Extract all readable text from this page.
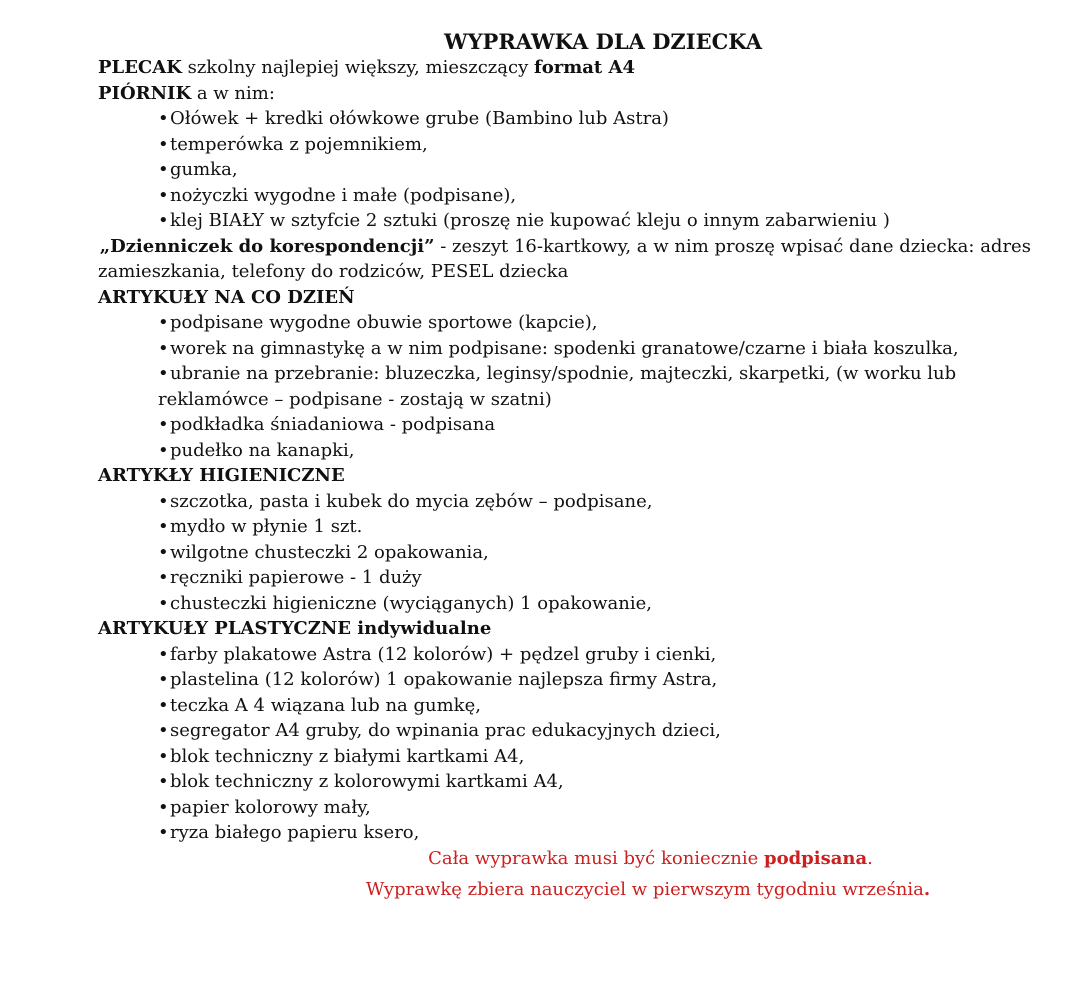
WYPRAWKA DLA DZIECKA
PLECAK szkolny najlepiej większy, mieszczący format A4
PIÓRNIK a w nim:
•Ołówek + kredki ołówkowe grube (Bambino lub Astra)
•temperówka z pojemnikiem,
•gumka,
•nożyczki wygodne i małe (podpisane),
•klej BIAŁY w sztyfcie 2 sztuki (proszę nie kupować kleju o innym zabarwieniu )
„Dzienniczek do korespondencji” - zeszyt 16-kartkowy, a w nim proszę wpisać dane dziecka: adres
zamieszkania, telefony do rodziców, PESEL dziecka
ARTYKUŁY NA CO DZIEŃ
•podpisane wygodne obuwie sportowe (kapcie),
•worek na gimnastykę a w nim podpisane: spodenki granatowe/czarne i biała koszulka,
•ubranie na przebranie: bluzeczka, leginsy/spodnie, majteczki, skarpetki, (w worku lub
reklamówce – podpisane - zostają w szatni)
•podkładka śniadaniowa - podpisana
•pudełko na kanapki,
ARTYKŁY HIGIENICZNE
•szczotka, pasta i kubek do mycia zębów – podpisane,
•mydło w płynie 1 szt.
•wilgotne chusteczki 2 opakowania,
•ręczniki papierowe - 1 duży
•chusteczki higieniczne (wyciąganych) 1 opakowanie,
ARTYKUŁY PLASTYCZNE indywidualne
•farby plakatowe Astra (12 kolorów) + pędzel gruby i cienki,
•plastelina (12 kolorów) 1 opakowanie najlepsza firmy Astra,
•teczka A 4 wiązana lub na gumkę,
•segregator A4 gruby, do wpinania prac edukacyjnych dzieci,
•blok techniczny z białymi kartkami A4,
•blok techniczny z kolorowymi kartkami A4,
•papier kolorowy mały,
•ryza białego papieru ksero,
Cała wyprawka musi być koniecznie podpisana.
Wyprawkę zbiera nauczyciel w pierwszym tygodniu września.
